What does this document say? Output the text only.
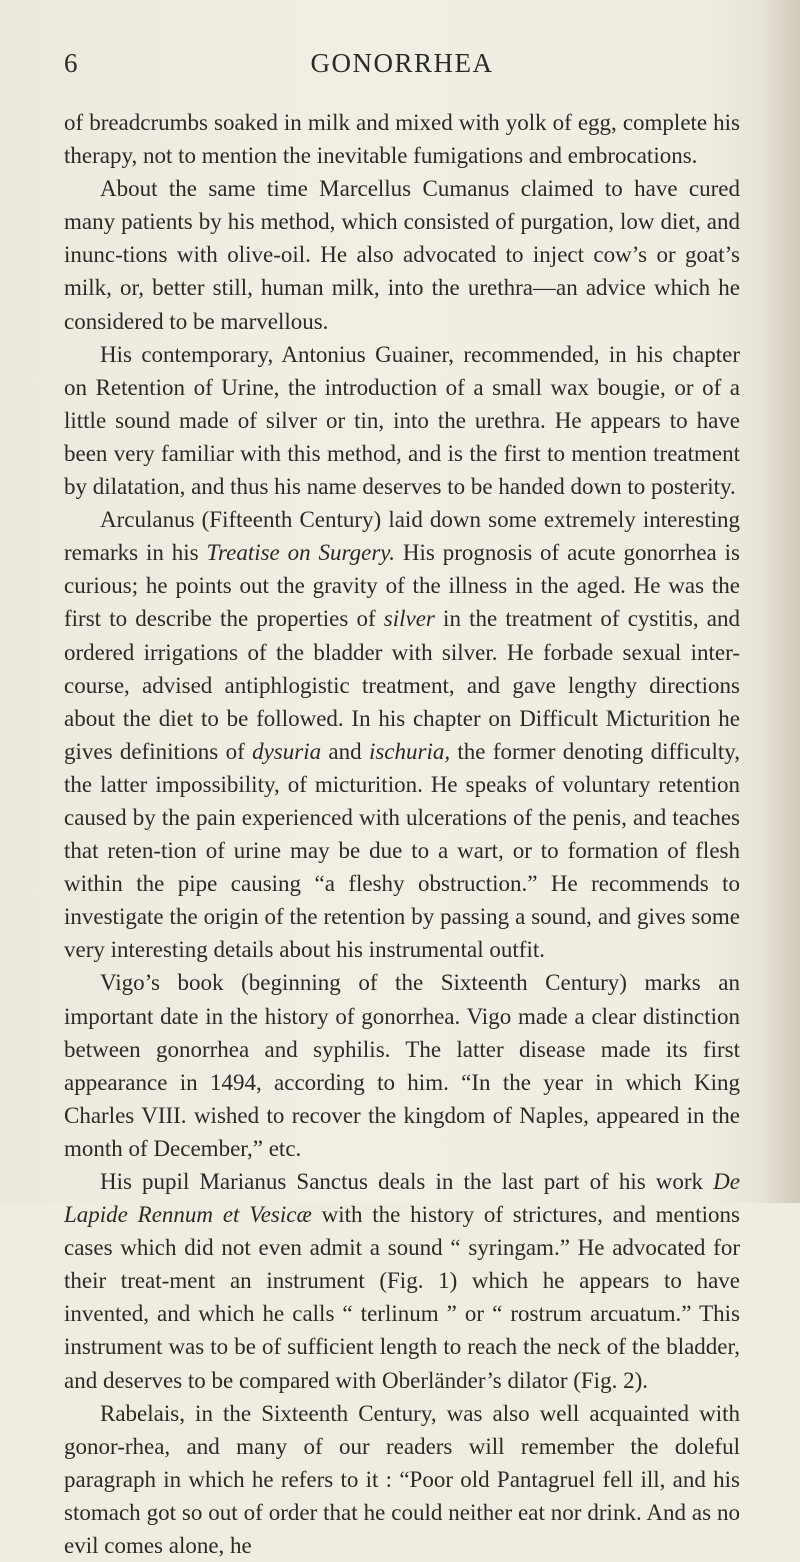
6	GONORRHEA

of breadcrumbs soaked in milk and mixed with yolk of egg, complete his therapy, not to mention the inevitable fumigations and embrocations.

About the same time Marcellus Cumanus claimed to have cured many patients by his method, which consisted of purgation, low diet, and inunc-tions with olive-oil. He also advocated to inject cow’s or goat’s milk, or, better still, human milk, into the urethra—an advice which he considered to be marvellous.

His contemporary, Antonius Guainer, recommended, in his chapter on Retention of Urine, the introduction of a small wax bougie, or of a little sound made of silver or tin, into the urethra. He appears to have been very familiar with this method, and is the first to mention treatment by dilatation, and thus his name deserves to be handed down to posterity.

Arculanus (Fifteenth Century) laid down some extremely interesting remarks in his Treatise on Surgery. His prognosis of acute gonorrhea is curious; he points out the gravity of the illness in the aged. He was the first to describe the properties of silver in the treatment of cystitis, and ordered irrigations of the bladder with silver. He forbade sexual inter-course, advised antiphlogistic treatment, and gave lengthy directions about the diet to be followed. In his chapter on Difficult Micturition he gives definitions of dysuria and ischuria, the former denoting difficulty, the latter impossibility, of micturition. He speaks of voluntary retention caused by the pain experienced with ulcerations of the penis, and teaches that reten-tion of urine may be due to a wart, or to formation of flesh within the pipe causing “a fleshy obstruction.” He recommends to investigate the origin of the retention by passing a sound, and gives some very interesting details about his instrumental outfit.

Vigo’s book (beginning of the Sixteenth Century) marks an important date in the history of gonorrhea. Vigo made a clear distinction between gonorrhea and syphilis. The latter disease made its first appearance in 1494, according to him. “In the year in which King Charles VIII. wished to recover the kingdom of Naples, appeared in the month of December,” etc.

His pupil Marianus Sanctus deals in the last part of his work De Lapide Rennum et Vesicæ with the history of strictures, and mentions cases which did not even admit a sound “ syringam.” He advocated for their treat-ment an instrument (Fig. 1) which he appears to have invented, and which he calls “ terlinum ” or “ rostrum arcuatum.” This instrument was to be of sufficient length to reach the neck of the bladder, and deserves to be compared with Oberländer’s dilator (Fig. 2).

Rabelais, in the Sixteenth Century, was also well acquainted with gonor-rhea, and many of our readers will remember the doleful paragraph in which he refers to it : “Poor old Pantagruel fell ill, and his stomach got so out of order that he could neither eat nor drink. And as no evil comes alone, he
